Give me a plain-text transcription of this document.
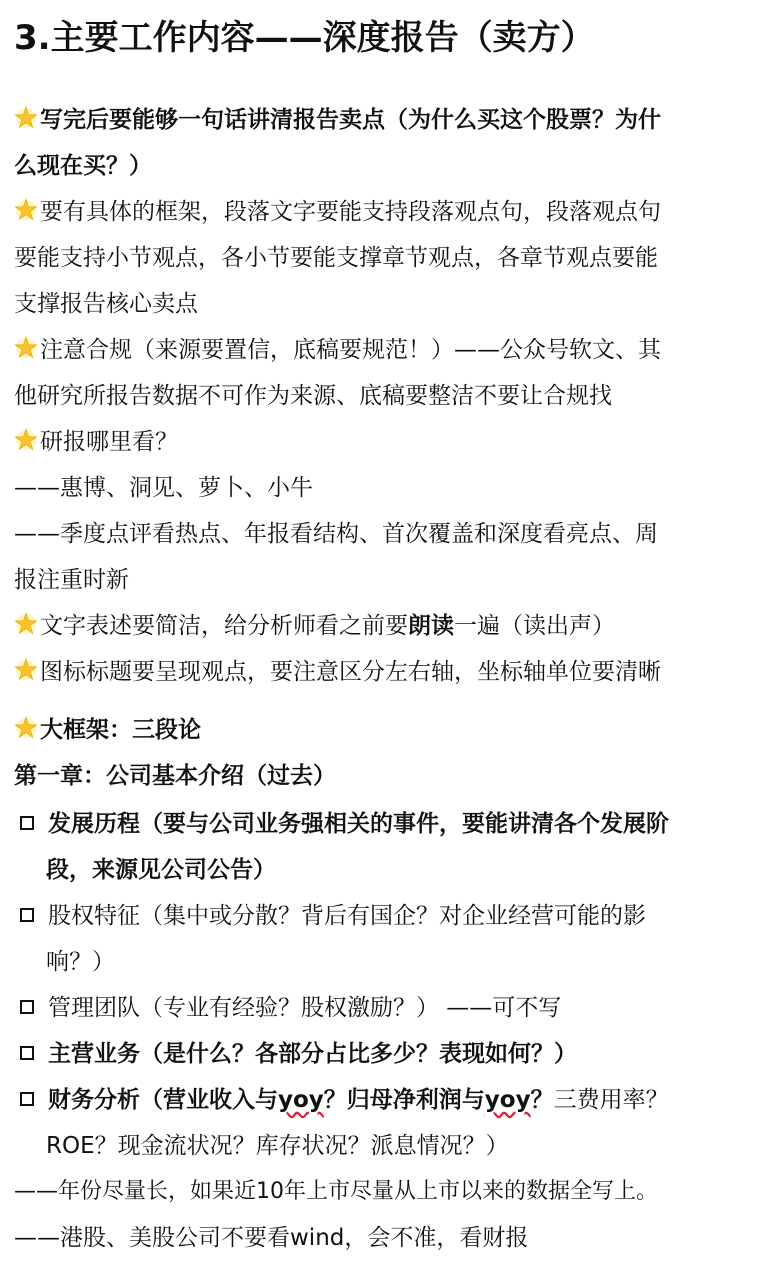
3.主要工作内容——深度报告（卖方）
写完后要能够一句话讲清报告卖点（为什么买这个股票？为什
么现在买？）
要有具体的框架，段落文字要能支持段落观点句，段落观点句
要能支持小节观点，各小节要能支撑章节观点，各章节观点要能
支撑报告核心卖点
注意合规（来源要置信，底稿要规范！）——公众号软文、其
他研究所报告数据不可作为来源、底稿要整洁不要让合规找
研报哪里看？
——惠博、洞见、萝卜、小牛
——季度点评看热点、年报看结构、首次覆盖和深度看亮点、周
报注重时新
文字表述要简洁，给分析师看之前要朗读一遍（读出声）
图标标题要呈现观点，要注意区分左右轴，坐标轴单位要清晰
大框架：三段论
第一章：公司基本介绍（过去）
发展历程（要与公司业务强相关的事件，要能讲清各个发展阶
段，来源见公司公告）
股权特征（集中或分散？背后有国企？对企业经营可能的影
响？）
管理团队（专业有经验？股权激励？） ——可不写
主营业务（是什么？各部分占比多少？表现如何？）
财务分析（营业收入与yoy？归母净利润与yoy？三费用率？
ROE？现金流状况？库存状况？派息情况？）
——年份尽量长，如果近10年上市尽量从上市以来的数据全写上。
——港股、美股公司不要看wind，会不准，看财报
